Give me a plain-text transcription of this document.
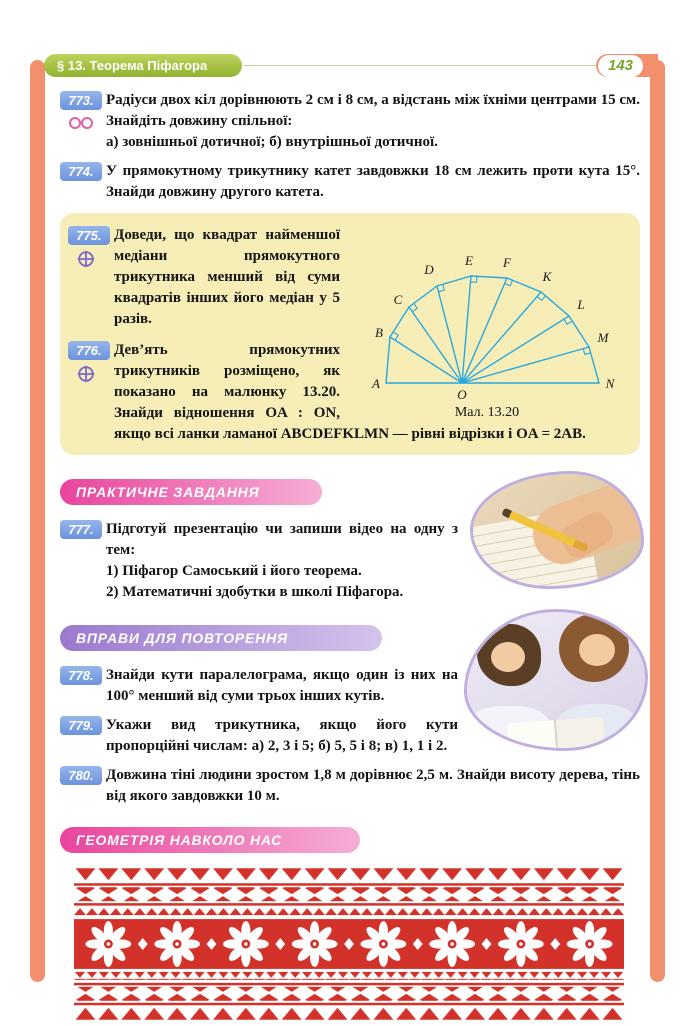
§ 13. Теорема Піфагора	143
773. Радіуси двох кіл дорівнюють 2 см і 8 см, а відстань між їхніми центрами 15 см. Знайдіть довжину спільної:
а) зовнішньої дотичної; б) внутрішньої дотичної.
774. У прямокутному трикутнику катет завдовжки 18 см лежить проти кута 15°. Знайди довжину другого катета.
A
B
C
D
E F
K
L
M
N
O
Мал. 13.20
775. Доведи, що квадрат найменшої медіани прямокутного трикутника менший від суми квадратів інших його медіан у 5 разів.
776. Дев’ять прямокутних трикутників розміщено, як показано на малюнку 13.20. Знайди відношення OA : ON, якщо всі ланки ламаної ABCDEFKLMN — рівні відрізки і OA = 2AB.
ПРАКТИЧНЕ ЗАВДАННЯ
777. Підготуй презентацію чи запиши відео на одну з тем:
1) Піфагор Самоський і його теорема.
2) Математичні здобутки в школі Піфагора.
ВПРАВИ ДЛЯ ПОВТОРЕННЯ
778. Знайди кути паралелограма, якщо один із них на 100° менший від суми трьох інших кутів.
779. Укажи вид трикутника, якщо його кути пропорційні числам: а) 2, 3 і 5; б) 5, 5 і 8; в) 1, 1 і 2.
780. Довжина тіні людини зростом 1,8 м дорівнює 2,5 м. Знайди висоту дерева, тінь від якого завдовжки 10 м.
ГЕОМЕТРІЯ НАВКОЛО НАС
